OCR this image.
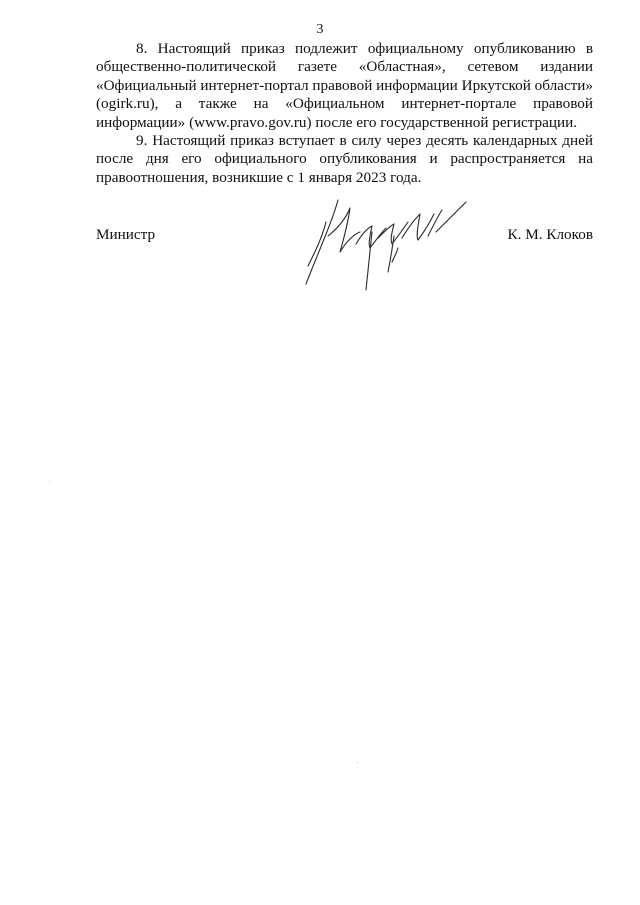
3

8. Настоящий приказ подлежит официальному опубликованию в общественно-политической газете «Областная», сетевом издании «Официальный интернет-портал правовой информации Иркутской области» (ogirk.ru), а также на «Официальном интернет-портале правовой информации» (www.pravo.gov.ru) после его государственной регистрации.

9. Настоящий приказ вступает в силу через десять календарных дней после дня его официального опубликования и распространяется на правоотношения, возникшие с 1 января 2023 года.

Министр	К. М. Клоков
